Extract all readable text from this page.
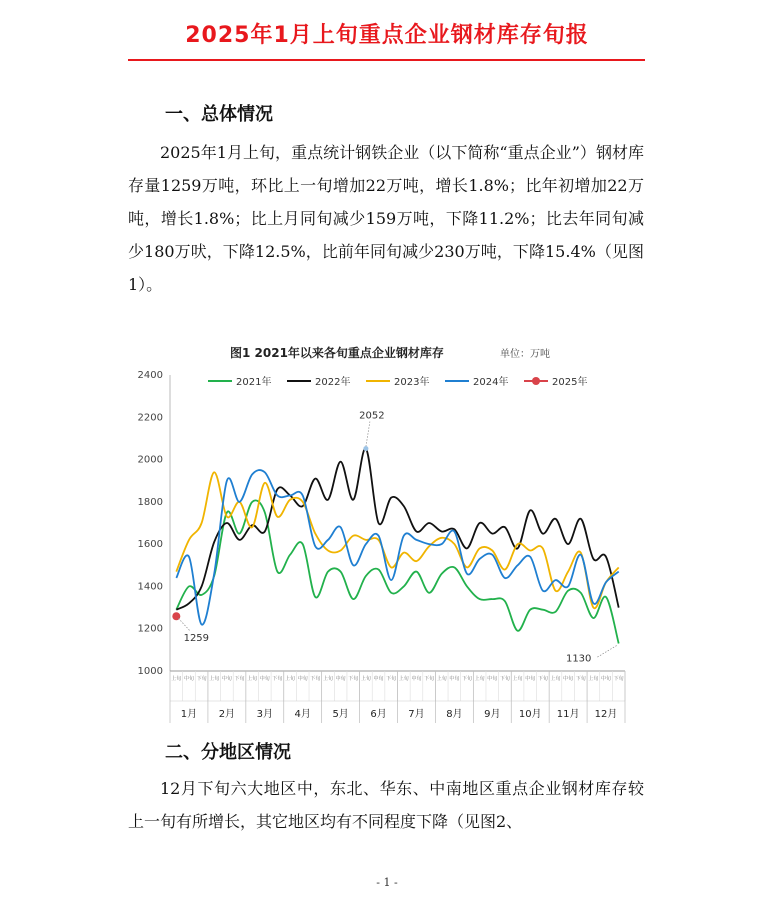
2025年1月上旬重点企业钢材库存旬报
一、总体情况
2025年1月上旬，重点统计钢铁企业（以下简称“重点企业”）钢材库存量1259万吨，环比上一旬增加22万吨，增长1.8%；比年初增加22万吨，增长1.8%；比上月同旬减少159万吨，下降11.2%；比去年同旬减少180万吠，下降12.5%，比前年同旬减少230万吨，下降15.4%（见图1）。
图1 2021年以来各旬重点企业钢材库存	单位：万吨
2021年	2022年	2023年	2024年	2025年
1000
1200
1400
1600
1800
2000
2200
2400
上旬 中旬 下旬 上旬 中旬 下旬 上旬 中旬 下旬 上旬 中旬 下旬 上旬 中旬 下旬 上旬 中旬 下旬 上旬 中旬 下旬 上旬 中旬 下旬 上旬 中旬 下旬 上旬 中旬 下旬 上旬 中旬 下旬 上旬 中旬 下旬
1月 2月 3月 4月 5月 6月 7月 8月 9月 10月 11月 12月
2052
1259
1130
二、分地区情况
12月下旬六大地区中，东北、华东、中南地区重点企业钢材库存较上一旬有所增长，其它地区均有不同程度下降（见图2、
- 1 -
